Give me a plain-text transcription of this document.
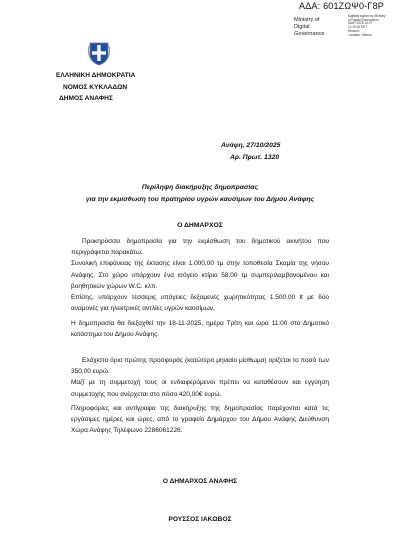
ΑΔΑ: 601ΖΩΨ0-Γ8Ρ
Ministry of
Digital
Governance
Digitally signed by Ministry
of Digital Governance
Date: 2025.10.27
11:26:32 EET
Reason:
Location: Athens
ΕΛΛΗΝΙΚΗ ΔΗΜΟΚΡΑΤΙΑ
ΝΟΜΟΣ ΚΥΚΛΑΔΩΝ
ΔΗΜΟΣ ΑΝΑΦΗΣ
Ανάφη, 27/10/2025
Αρ. Πρωτ. 1320
Περίληψη διακήρυξης δημοπρασίας
για την εκμίσθωση του πρατηρίου υγρών καυσίμων του Δήμου Ανάφης
Ο ΔΗΜΑΡΧΟΣ

Προκηρύσσει δημοπρασία για την εκμίσθωση του δημοτικού ακινήτου που περιγράφεται παρακάτω:

Συνολική επιφάνειας της έκτασης είναι 1.000,00 τμ στην τοποθεσία Σκαμία της νήσου Ανάφης. Στο χώρο υπάρχουν ένα ισόγειο κτίριο 58,00 τμ συμπεριλαμβανομένου και βοηθητικών χώρων W.C. κλπ.

Επίσης, υπάρχουν τέσσερις υπόγειες δεξαμενές χωρητικότητας 1.500,00 lt με δύο αναμονές για ηλεκτρικές αντλίες υγρών καυσίμων,

Η δημοπρασία θα διεξαχθεί την 18-11-2025, ημέρα Τρίτη και ώρα 11:00 στο Δημοτικό κατάστημα του Δήμου Ανάφης.

Ελάχιστο όριο πρώτης προσφοράς (κατώτερο μηνιαίο μίσθωμα) ορίζεται το ποσό των 350,00 ευρώ.

Μαζί με τη συμμετοχή τους οι ενδιαφερόμενοι πρέπει να καταθέσουν και εγγύηση συμμετοχής που ανέρχεται στο πόσο 420,00€ ευρώ.

Πληροφορίες και αντίγραφα της διακήρυξης της δημοπρασίας παρέχονται κατά τις εργάσιμες ημέρες και ώρες, από το γραφείο Δημάρχου του Δήμου Ανάφης Διεύθυνση Χώρα Ανάφης Τηλέφωνο 2286061226.

Ο ΔΗΜΑΡΧΟΣ ΑΝΑΦΗΣ
ΡΟΥΣΣΟΣ ΙΑΚΩΒΟΣ
